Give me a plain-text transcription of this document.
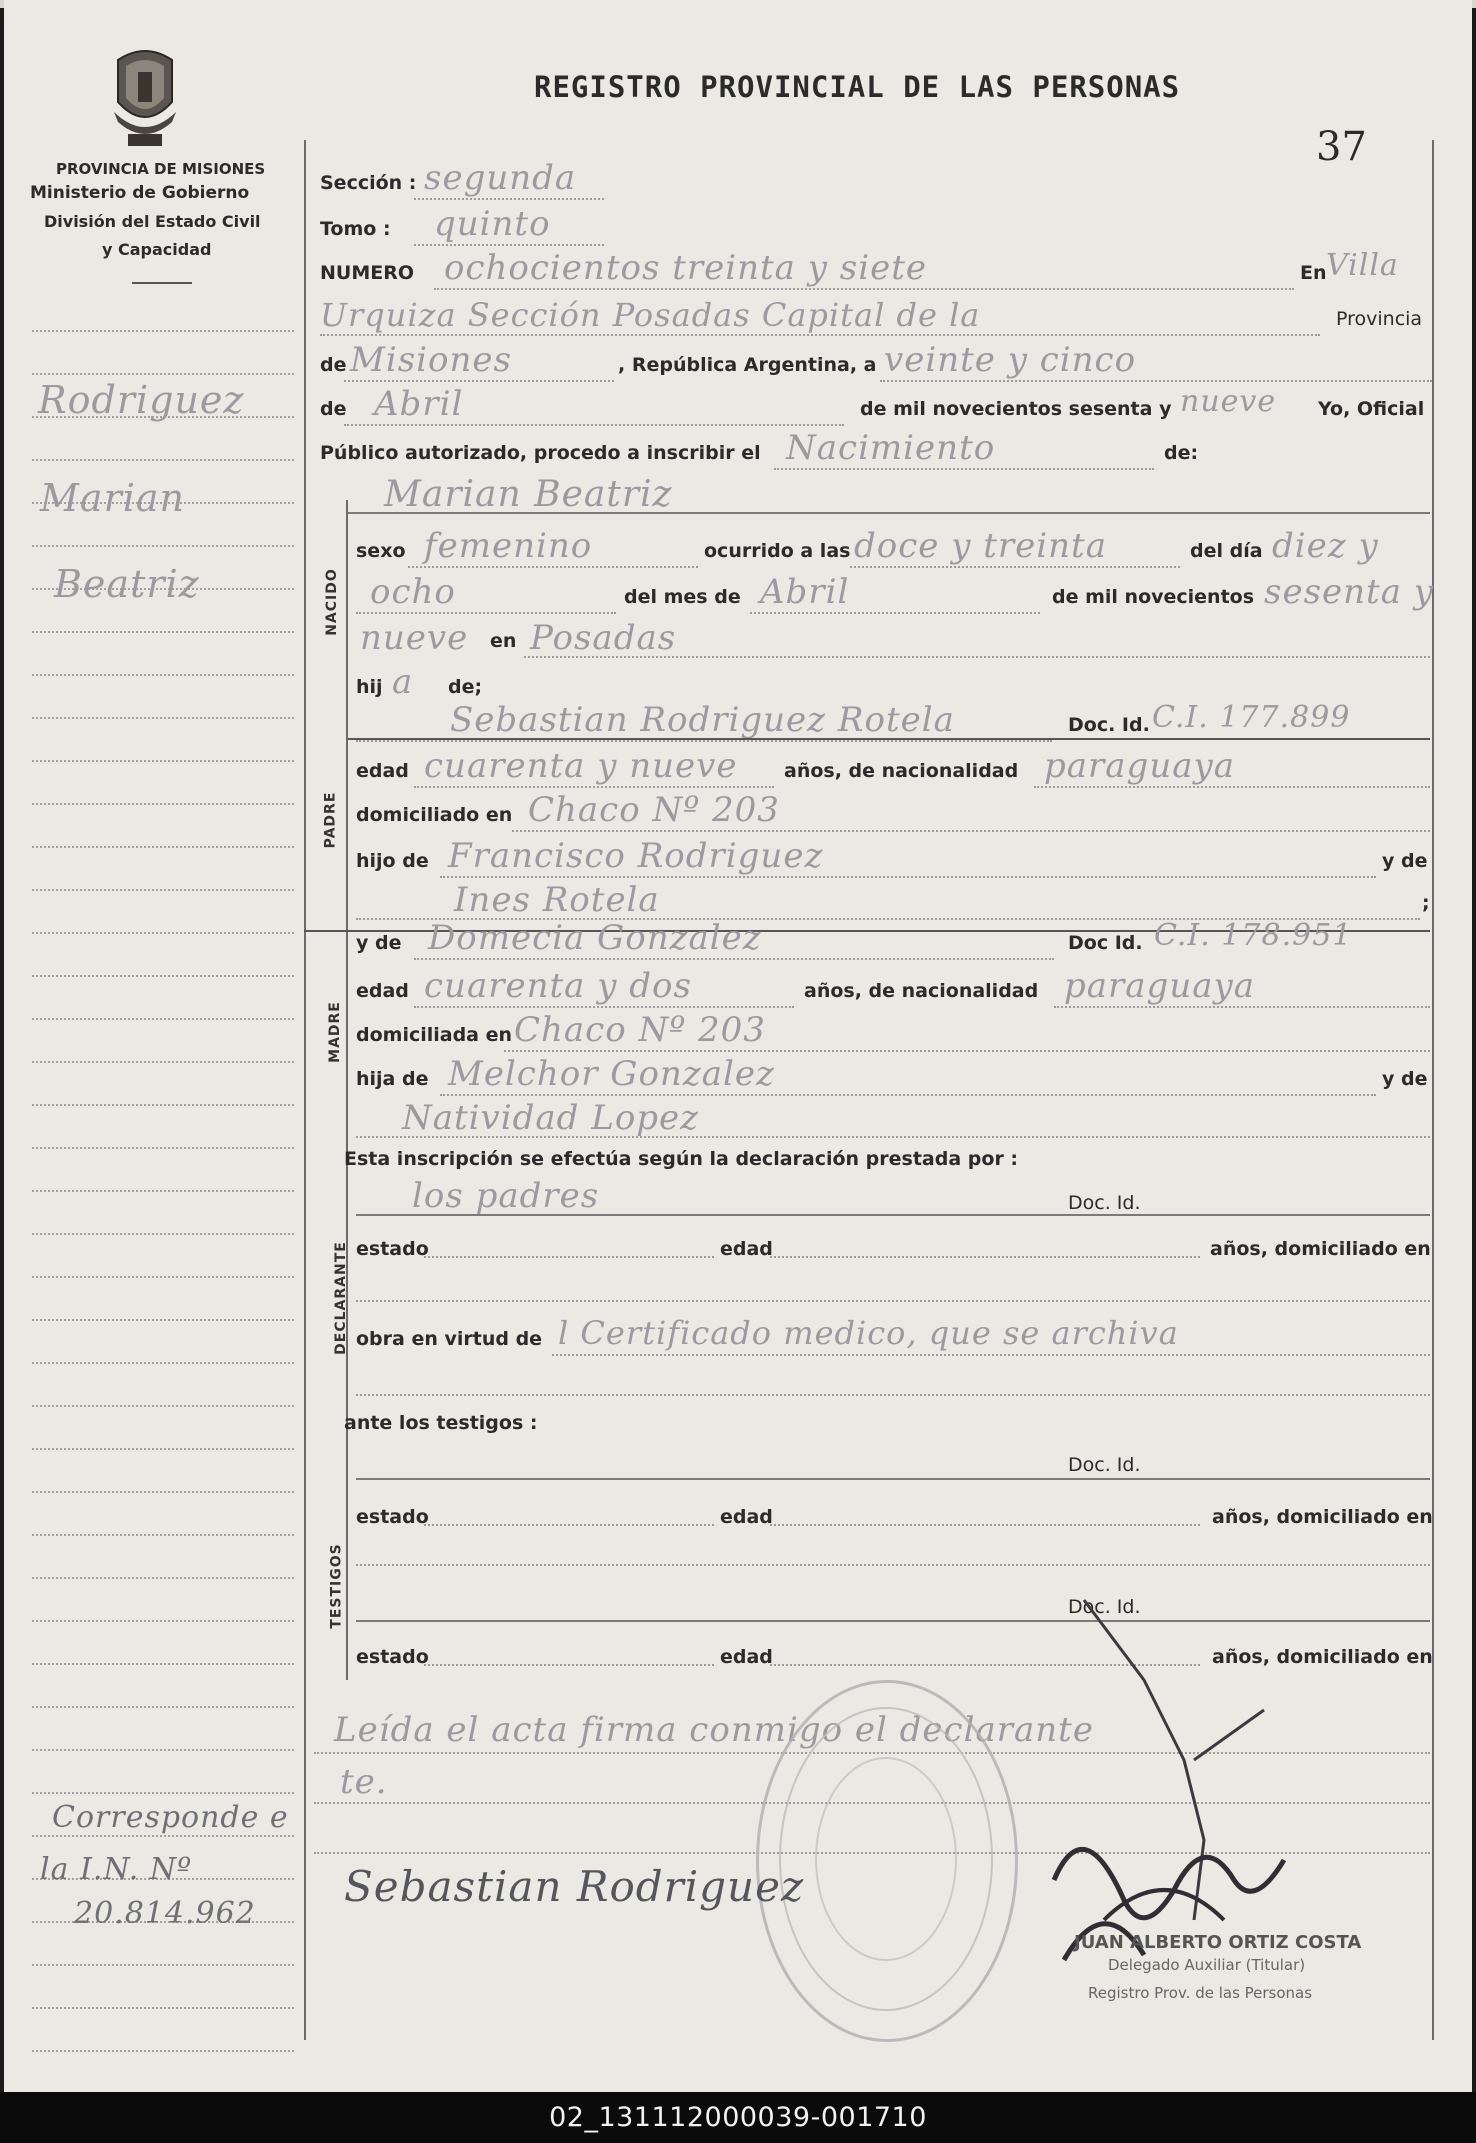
PROVINCIA DE MISIONES
Ministerio de Gobierno
División del Estado Civil
y Capacidad
REGISTRO PROVINCIAL DE LAS PERSONAS
37
Rodriguez
Marian
Beatriz
Corresponde e
la I.N. Nº
20.814.962
Sección : segunda
Tomo : quinto
NUMERO ochocientos treinta y siete	En Villa
Urquiza Sección Posadas Capital de la	Provincia
de Misiones	, República Argentina, a veinte y cinco
de Abril	de mil novecientos sesenta y nueve Yo, Oficial
Público autorizado, procedo a inscribir el Nacimiento	de:
Marian Beatriz
NACIDO
sexo femenino	ocurrido a las doce y treinta	del día diez y
ocho	del mes de Abril	de mil novecientos sesenta y
nueve en Posadas
hij a de;
Sebastian Rodriguez Rotela	Doc. Id. C.I. 177.899
PADRE
edad cuarenta y nueve años, de nacionalidad paraguaya
domiciliado en Chaco Nº 203
hijo de Francisco Rodriguez	y de
Ines Rotela	;
y de Domecia Gonzalez	Doc Id. C.I. 178.951
MADRE
edad cuarenta y dos	años, de nacionalidad paraguaya
domiciliada en Chaco Nº 203
hija de Melchor Gonzalez	y de
Natividad Lopez
Esta inscripción se efectúa según la declaración prestada por :
los padres	Doc. Id.
DECLARANTE estado	edad	años, domiciliado en
obra en virtud de l Certificado medico, que se archiva
ante los testigos :
Doc. Id.
TESTIGOS
estado	edad	años, domiciliado en
Doc. Id.
estado	edad	años, domiciliado en
Leída el acta firma conmigo el declarante
te.
Sebastian Rodriguez
JUAN ALBERTO ORTIZ COSTA
Delegado Auxiliar (Titular)
Registro Prov. de las Personas
02_131112000039-001710
